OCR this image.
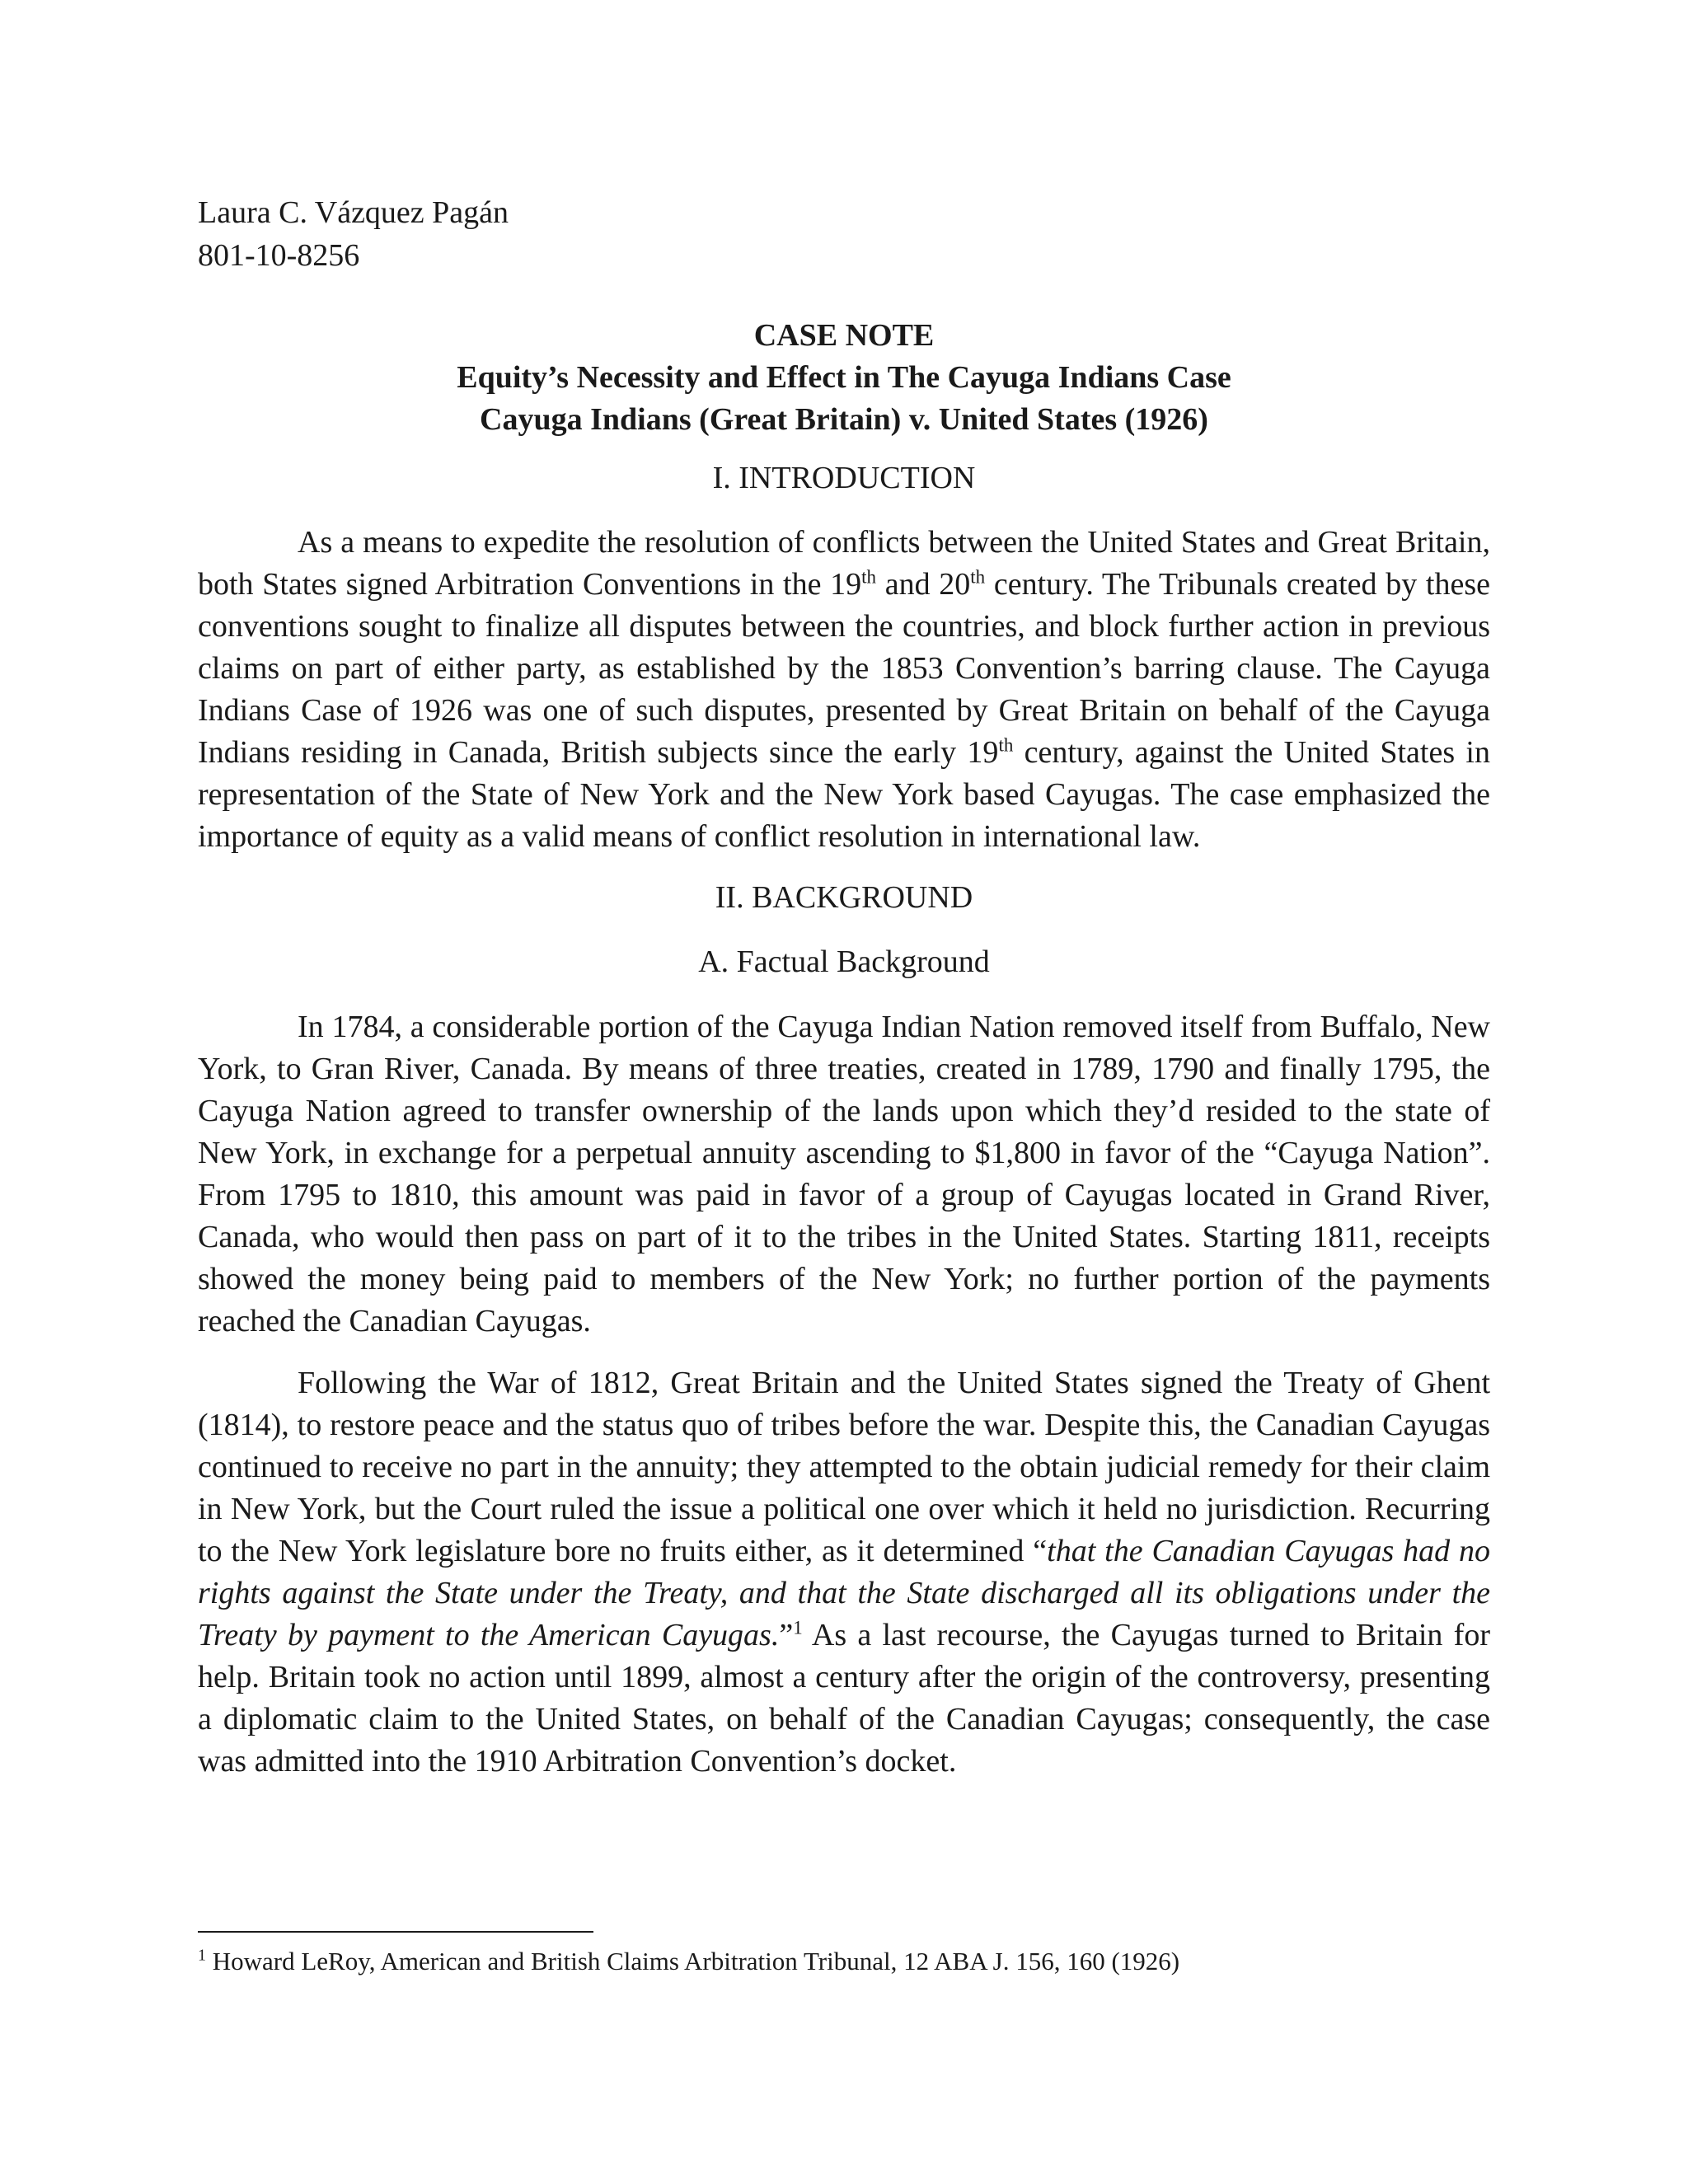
Laura C. Vázquez Pagán
801-10-8256
CASE NOTE
Equity’s Necessity and Effect in The Cayuga Indians Case
Cayuga Indians (Great Britain) v. United States (1926)
I. INTRODUCTION

As a means to expedite the resolution of conflicts between the United States and Great Britain, both States signed Arbitration Conventions in the 19th and 20th century. The Tribunals created by these conventions sought to finalize all disputes between the countries, and block further action in previous claims on part of either party, as established by the 1853 Convention’s barring clause. The Cayuga Indians Case of 1926 was one of such disputes, presented by Great Britain on behalf of the Cayuga Indians residing in Canada, British subjects since the early 19th century, against the United States in representation of the State of New York and the New York based Cayugas. The case emphasized the importance of equity as a valid means of conflict resolution in international law.

II. BACKGROUND
A. Factual Background

In 1784, a considerable portion of the Cayuga Indian Nation removed itself from Buffalo, New York, to Gran River, Canada. By means of three treaties, created in 1789, 1790 and finally 1795, the Cayuga Nation agreed to transfer ownership of the lands upon which they’d resided to the state of New York, in exchange for a perpetual annuity ascending to $1,800 in favor of the “Cayuga Nation”. From 1795 to 1810, this amount was paid in favor of a group of Cayugas located in Grand River, Canada, who would then pass on part of it to the tribes in the United States. Starting 1811, receipts showed the money being paid to members of the New York; no further portion of the payments reached the Canadian Cayugas.

Following the War of 1812, Great Britain and the United States signed the Treaty of Ghent (1814), to restore peace and the status quo of tribes before the war. Despite this, the Canadian Cayugas continued to receive no part in the annuity; they attempted to the obtain judicial remedy for their claim in New York, but the Court ruled the issue a political one over which it held no jurisdiction. Recurring to the New York legislature bore no fruits either, as it determined “that the Canadian Cayugas had no rights against the State under the Treaty, and that the State discharged all its obligations under the Treaty by payment to the American Cayugas.”$^1$ As a last recourse, the Cayugas turned to Britain for help. Britain took no action until 1899, almost a century after the origin of the controversy, presenting a diplomatic claim to the United States, on behalf of the Canadian Cayugas; consequently, the case was admitted into the 1910 Arbitration Convention’s docket.

$^1$ Howard LeRoy, American and British Claims Arbitration Tribunal, 12 ABA J. 156, 160 (1926)
